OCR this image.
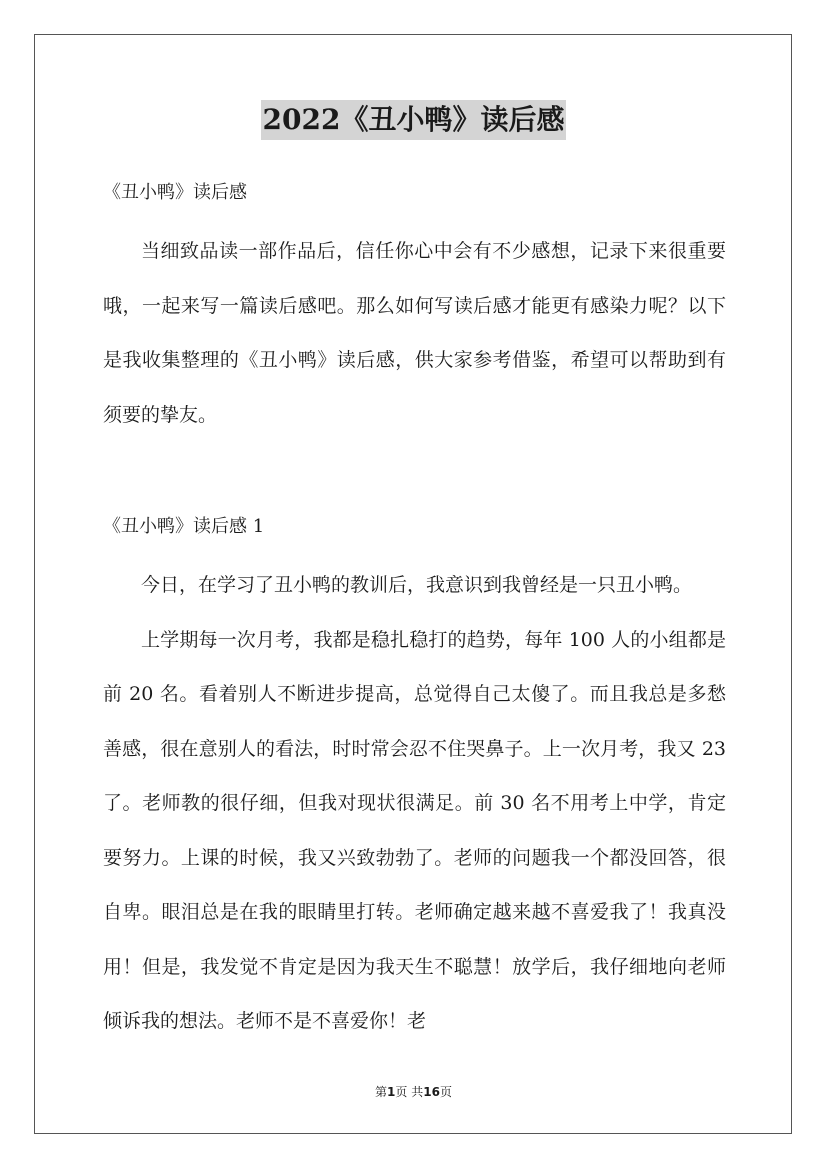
2022《丑小鸭》读后感
《丑小鸭》读后感

当细致品读一部作品后，信任你心中会有不少感想，记录下来很重要哦，一起来写一篇读后感吧。那么如何写读后感才能更有感染力呢？以下是我收集整理的《丑小鸭》读后感，供大家参考借鉴，希望可以帮助到有须要的挚友。

《丑小鸭》读后感 1

今日，在学习了丑小鸭的教训后，我意识到我曾经是一只丑小鸭。

上学期每一次月考，我都是稳扎稳打的趋势，每年 100 人的小组都是前 20 名。看着别人不断进步提高，总觉得自己太傻了。而且我总是多愁善感，很在意别人的看法，时时常会忍不住哭鼻子。上一次月考，我又 23 了。老师教的很仔细，但我对现状很满足。前 30 名不用考上中学，肯定要努力。上课的时候，我又兴致勃勃了。老师的问题我一个都没回答，很自卑。眼泪总是在我的眼睛里打转。老师确定越来越不喜爱我了！我真没用！但是，我发觉不肯定是因为我天生不聪慧！放学后，我仔细地向老师倾诉我的想法。老师不是不喜爱你！老

第1页 共16页
